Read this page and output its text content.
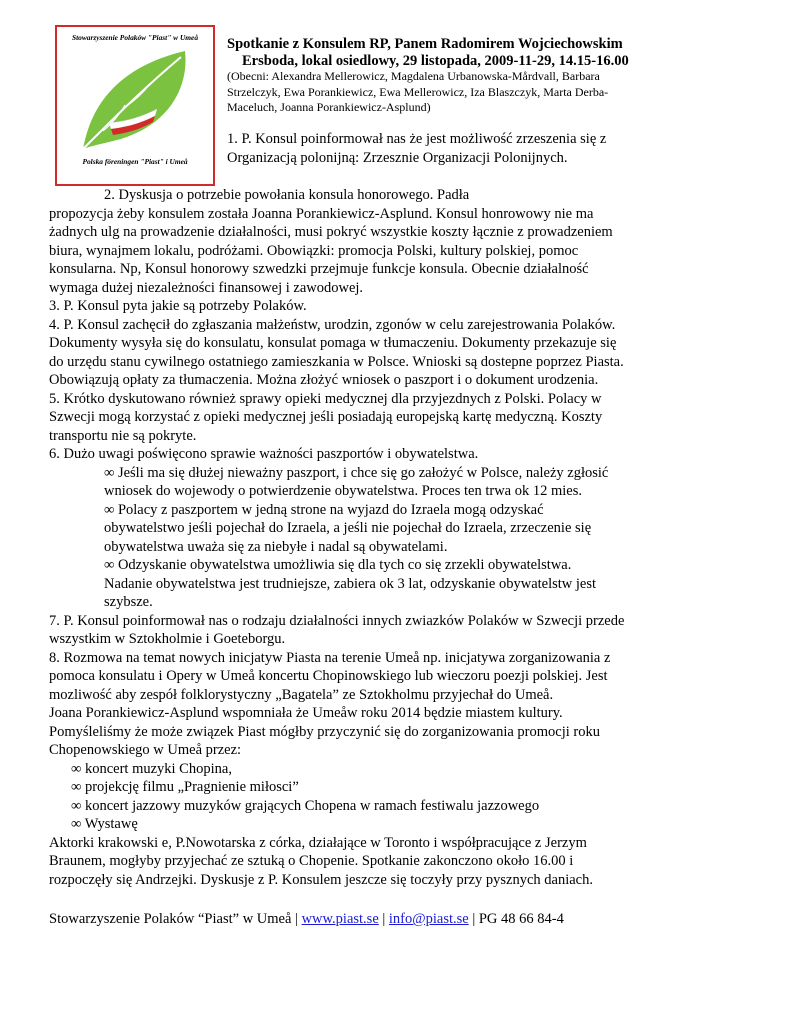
Stowarzyszenie Polaków "Piast" w Umeå
Polska föreningen "Piast" i Umeå
Spotkanie z Konsulem RP, Panem Radomirem Wojciechowskim
Ersboda, lokal osiedlowy, 29 listopada, 2009-11-29, 14.15-16.00
(Obecni: Alexandra Mellerowicz, Magdalena Urbanowska-Mårdvall, Barbara
Strzelczyk, Ewa Porankiewicz, Ewa Mellerowicz, Iza Blaszczyk, Marta Derba-
Maceluch, Joanna Porankiewicz-Asplund)
1. P. Konsul poinformował nas że jest możliwość zrzeszenia się z
Organizacją polonijną: Zrzesznie Organizacji Polonijnych.
2. Dyskusja o potrzebie powołania konsula honorowego. Padła
propozycja żeby konsulem została Joanna Porankiewicz-Asplund. Konsul honrowowy nie ma
żadnych ulg na prowadzenie działalności, musi pokryć wszystkie koszty łącznie z prowadzeniem
biura, wynajmem lokalu, podróżami. Obowiązki: promocja Polski, kultury polskiej, pomoc
konsularna. Np, Konsul honorowy szwedzki przejmuje funkcje konsula. Obecnie działalność
wymaga dużej niezależności finansowej i zawodowej.
3. P. Konsul pyta jakie są potrzeby Polaków.
4. P. Konsul zachęcił do zgłaszania małżeństw, urodzin, zgonów w celu zarejestrowania Polaków.
Dokumenty wysyła się do konsulatu, konsulat pomaga w tłumaczeniu. Dokumenty przekazuje się
do urzędu stanu cywilnego ostatniego zamieszkania w Polsce. Wnioski są dostepne poprzez Piasta.
Obowiązują opłaty za tłumaczenia. Można złożyć wniosek o paszport i o dokument urodzenia.
5. Krótko dyskutowano również sprawy opieki medycznej dla przyjezdnych z Polski. Polacy w
Szwecji mogą korzystać z opieki medycznej jeśli posiadają europejską kartę medyczną. Koszty
transportu nie są pokryte.
6. Dużo uwagi poświęcono sprawie ważności paszportów i obywatelstwa.
∞ Jeśli ma się dłużej nieważny paszport, i chce się go założyć w Polsce, należy zgłosić
wniosek do wojewody o potwierdzenie obywatelstwa. Proces ten trwa ok 12 mies.
∞ Polacy z paszportem w jedną strone na wyjazd do Izraela mogą odzyskać
obywatelstwo jeśli pojechał do Izraela, a jeśli nie pojechał do Izraela, zrzeczenie się
obywatelstwa uważa się za niebyłe i nadal są obywatelami.
∞ Odzyskanie obywatelstwa umożliwia się dla tych co się zrzekli obywatelstwa.
Nadanie obywatelstwa jest trudniejsze, zabiera ok 3 lat, odzyskanie obywatelstw jest
szybsze.
7. P. Konsul poinformował nas o rodzaju działalności innych zwiazków Polaków w Szwecji przede
wszystkim w Sztokholmie i Goeteborgu.
8. Rozmowa na temat nowych inicjatyw Piasta na terenie Umeå np. inicjatywa zorganizowania z
pomoca konsulatu i Opery w Umeå koncertu Chopinowskiego lub wieczoru poezji polskiej. Jest
mozliwość aby zespół folklorystyczny „Bagatela” ze Sztokholmu przyjechał do Umeå.
Joana Porankiewicz-Asplund wspomniała że Umeåw roku 2014 będzie miastem kultury.
Pomyśleliśmy że może związek Piast mógłby przyczynić się do zorganizowania promocji roku
Chopenowskiego w Umeå przez:
∞ koncert muzyki Chopina,
∞ projekcję filmu „Pragnienie miłosci”
∞ koncert jazzowy muzyków grających Chopena w ramach festiwalu jazzowego
∞ Wystawę
Aktorki krakowski e, P.Nowotarska z córka, działające w Toronto i współpracujące z Jerzym
Braunem, mogłyby przyjechać ze sztuką o Chopenie. Spotkanie zakonczono około 16.00 i
rozpoczęły się Andrzejki. Dyskusje z P. Konsulem jeszcze się toczyły przy pysznych daniach.
Stowarzyszenie Polaków “Piast” w Umeå | www.piast.se | info@piast.se | PG 48 66 84-4
